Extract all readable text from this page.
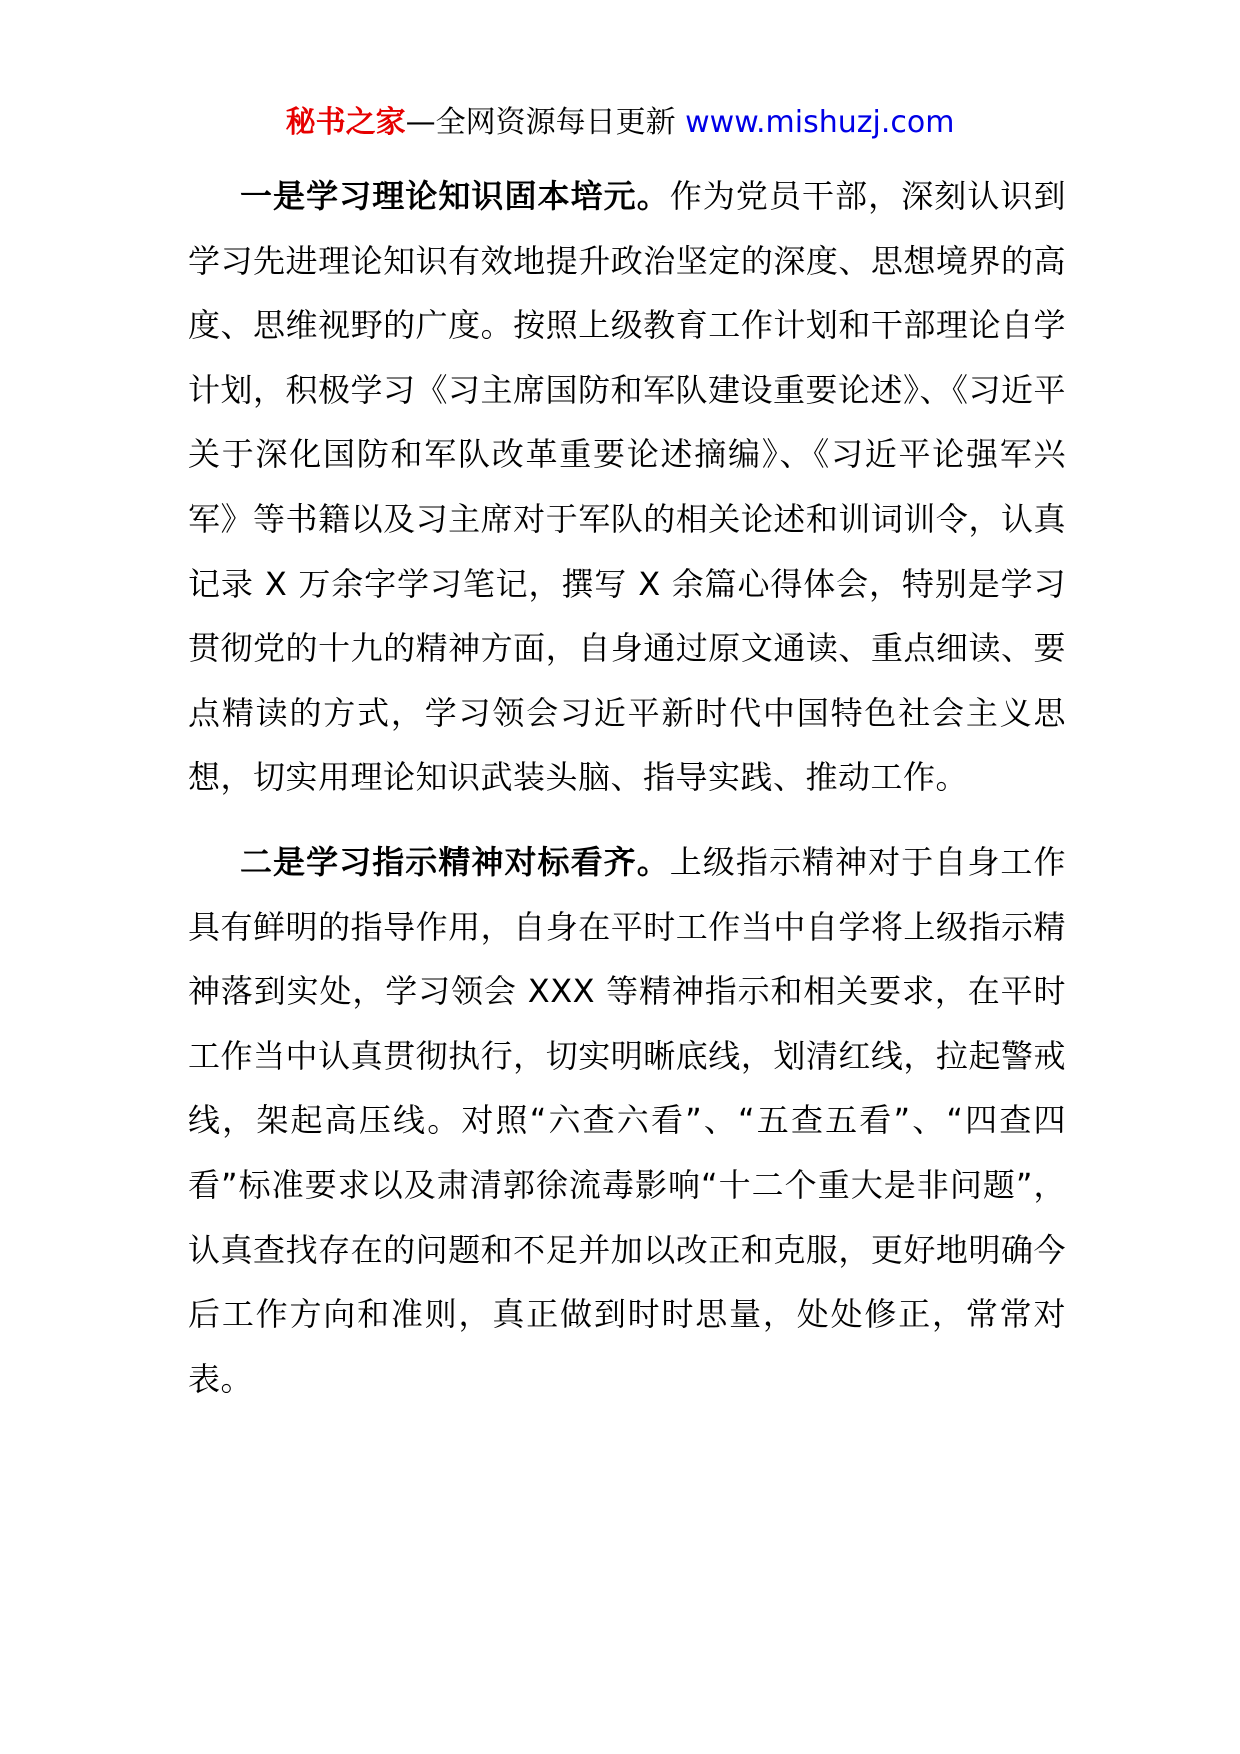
秘书之家—全网资源每日更新 www.mishuzj.com

一是学习理论知识固本培元。作为党员干部，深刻认识到学习先进理论知识有效地提升政治坚定的深度、思想境界的高度、思维视野的广度。按照上级教育工作计划和干部理论自学计划，积极学习《习主席国防和军队建设重要论述》、《习近平关于深化国防和军队改革重要论述摘编》、《习近平论强军兴军》等书籍以及习主席对于军队的相关论述和训词训令，认真记录 X 万余字学习笔记，撰写 X 余篇心得体会，特别是学习贯彻党的十九的精神方面，自身通过原文通读、重点细读、要点精读的方式，学习领会习近平新时代中国特色社会主义思想，切实用理论知识武装头脑、指导实践、推动工作。

二是学习指示精神对标看齐。上级指示精神对于自身工作具有鲜明的指导作用，自身在平时工作当中自学将上级指示精神落到实处，学习领会 XXX 等精神指示和相关要求，在平时工作当中认真贯彻执行，切实明晰底线，划清红线，拉起警戒线，架起高压线。对照“六查六看”、“五查五看”、“四查四看”标准要求以及肃清郭徐流毒影响“十二个重大是非问题”，认真查找存在的问题和不足并加以改正和克服，更好地明确今后工作方向和准则，真正做到时时思量，处处修正，常常对表。
